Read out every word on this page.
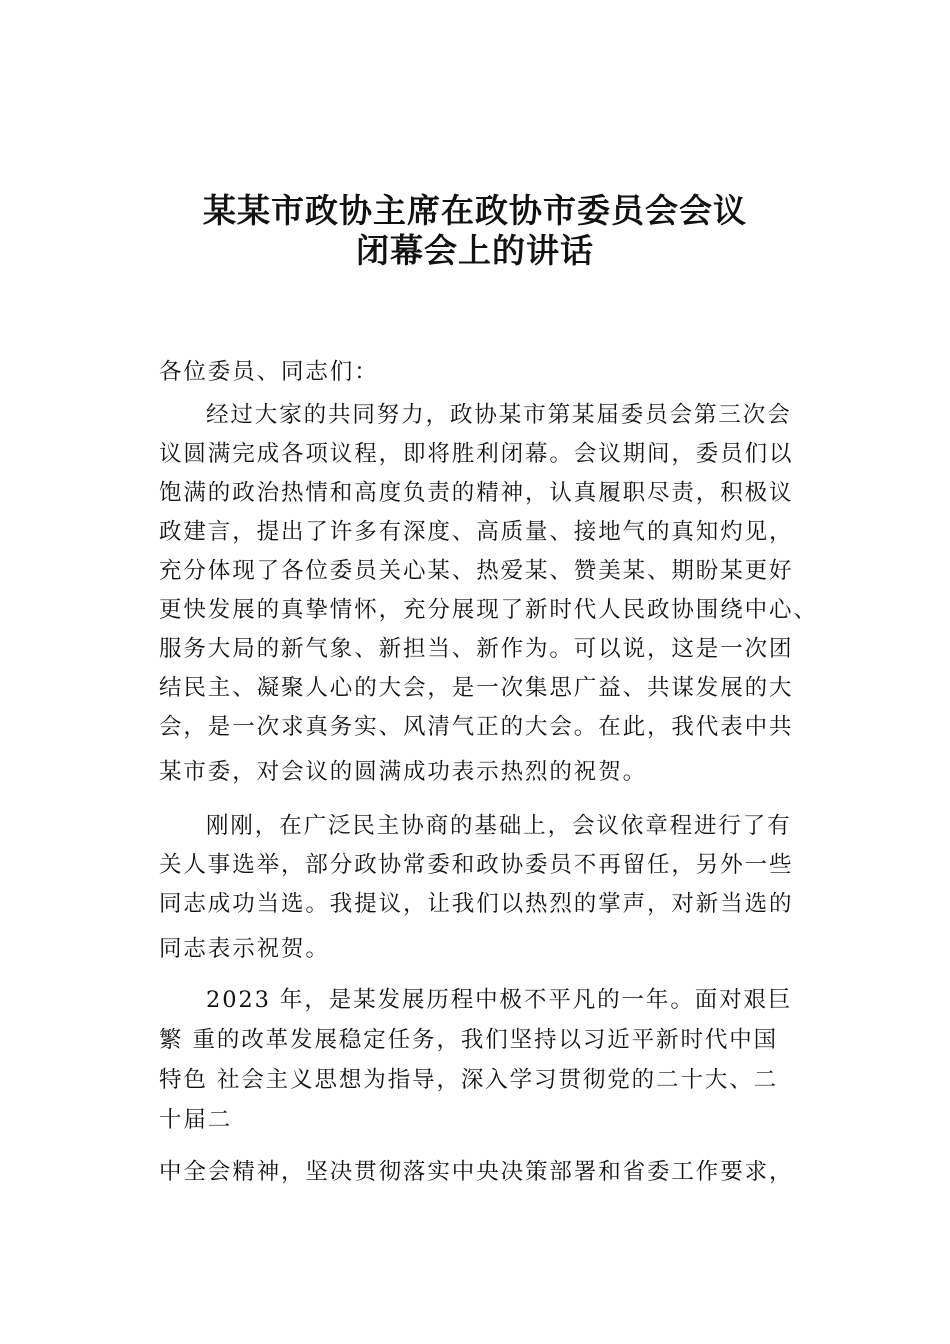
某某市政协主席在政协市委员会会议
闭幕会上的讲话
各位委员、同志们：
经过大家的共同努力，政协某市第某届委员会第三次会
议圆满完成各项议程，即将胜利闭幕。会议期间，委员们以
饱满的政治热情和高度负责的精神，认真履职尽责，积极议
政建言，提出了许多有深度、高质量、接地气的真知灼见，
充分体现了各位委员关心某、热爱某、赞美某、期盼某更好
更快发展的真挚情怀，充分展现了新时代人民政协围绕中心、
服务大局的新气象、新担当、新作为。可以说，这是一次团
结民主、凝聚人心的大会，是一次集思广益、共谋发展的大
会，是一次求真务实、风清气正的大会。在此，我代表中共
某市委，对会议的圆满成功表示热烈的祝贺。
刚刚，在广泛民主协商的基础上，会议依章程进行了有
关人事选举，部分政协常委和政协委员不再留任，另外一些
同志成功当选。我提议，让我们以热烈的掌声，对新当选的
同志表示祝贺。
2023 年，是某发展历程中极不平凡的一年。面对艰巨
繁 重的改革发展稳定任务，我们坚持以习近平新时代中国
特色 社会主义思想为指导，深入学习贯彻党的二十大、二
十届二
中全会精神，坚决贯彻落实中央决策部署和省委工作要求，
